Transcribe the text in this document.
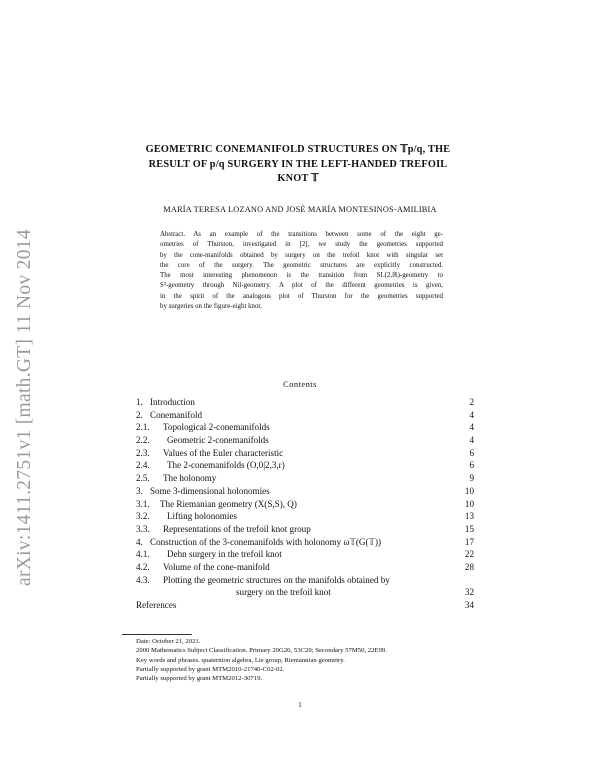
arXiv:1411.2751v1 [math.GT] 11 Nov 2014
GEOMETRIC CONEMANIFOLD STRUCTURES ON 𝕋p/q, THE
RESULT OF p/q SURGERY IN THE LEFT-HANDED TREFOIL
KNOT 𝕋
MARÍA TERESA LOZANO AND JOSÉ MARÍA MONTESINOS-AMILIBIA
Abstract. As an example of the transitions between some of the eight ge-
ometries of Thurston, investigated in [2], we study the geometries supported
by the cone-manifolds obtained by surgery on the trefoil knot with singular set
the core of the surgery. The geometric structures are explicitly constructed.
The most interesting phenomenon is the transition from SL(2,ℝ)-geometry to
S³-geometry through Nil-geometry. A plot of the different geometries is given,
in the spirit of the analogous plot of Thurston for the geometries supported
by surgeries on the figure-eight knot.
Contents
1. Introduction	2
2. Conemanifold	4
2.1. Topological 2-conemanifolds	4
2.2. Geometric 2-conemanifolds	4
2.3. Values of the Euler characteristic	6
2.4. The 2-conemanifolds (O,0|2,3,r)	6
2.5. The holonomy	9
3. Some 3-dimensional holonomies	10
3.1. The Riemanian geometry (X(S,S), Q)	10
3.2. Lifting holonomies	13
3.3. Representations of the trefoil knot group	15
4. Construction of the 3-conemanifolds with holonomy ω𝕋(G(𝕋))	17
4.1. Dehn surgery in the trefoil knot	22
4.2. Volume of the cone-manifold	28
4.3. Plotting the geometric structures on the manifolds obtained by
surgery on the trefoil knot	32
References	34
Date: October 21, 2021.
2000 Mathematics Subject Classification. Primary 20G20, 53C20; Secondary 57M50, 22E99.
Key words and phrases. quaternion algebra, Lie group, Riemannian geometry.
Partially supported by grant MTM2010-21740-C02-02.
Partially supported by grant MTM2012-30719.
1
